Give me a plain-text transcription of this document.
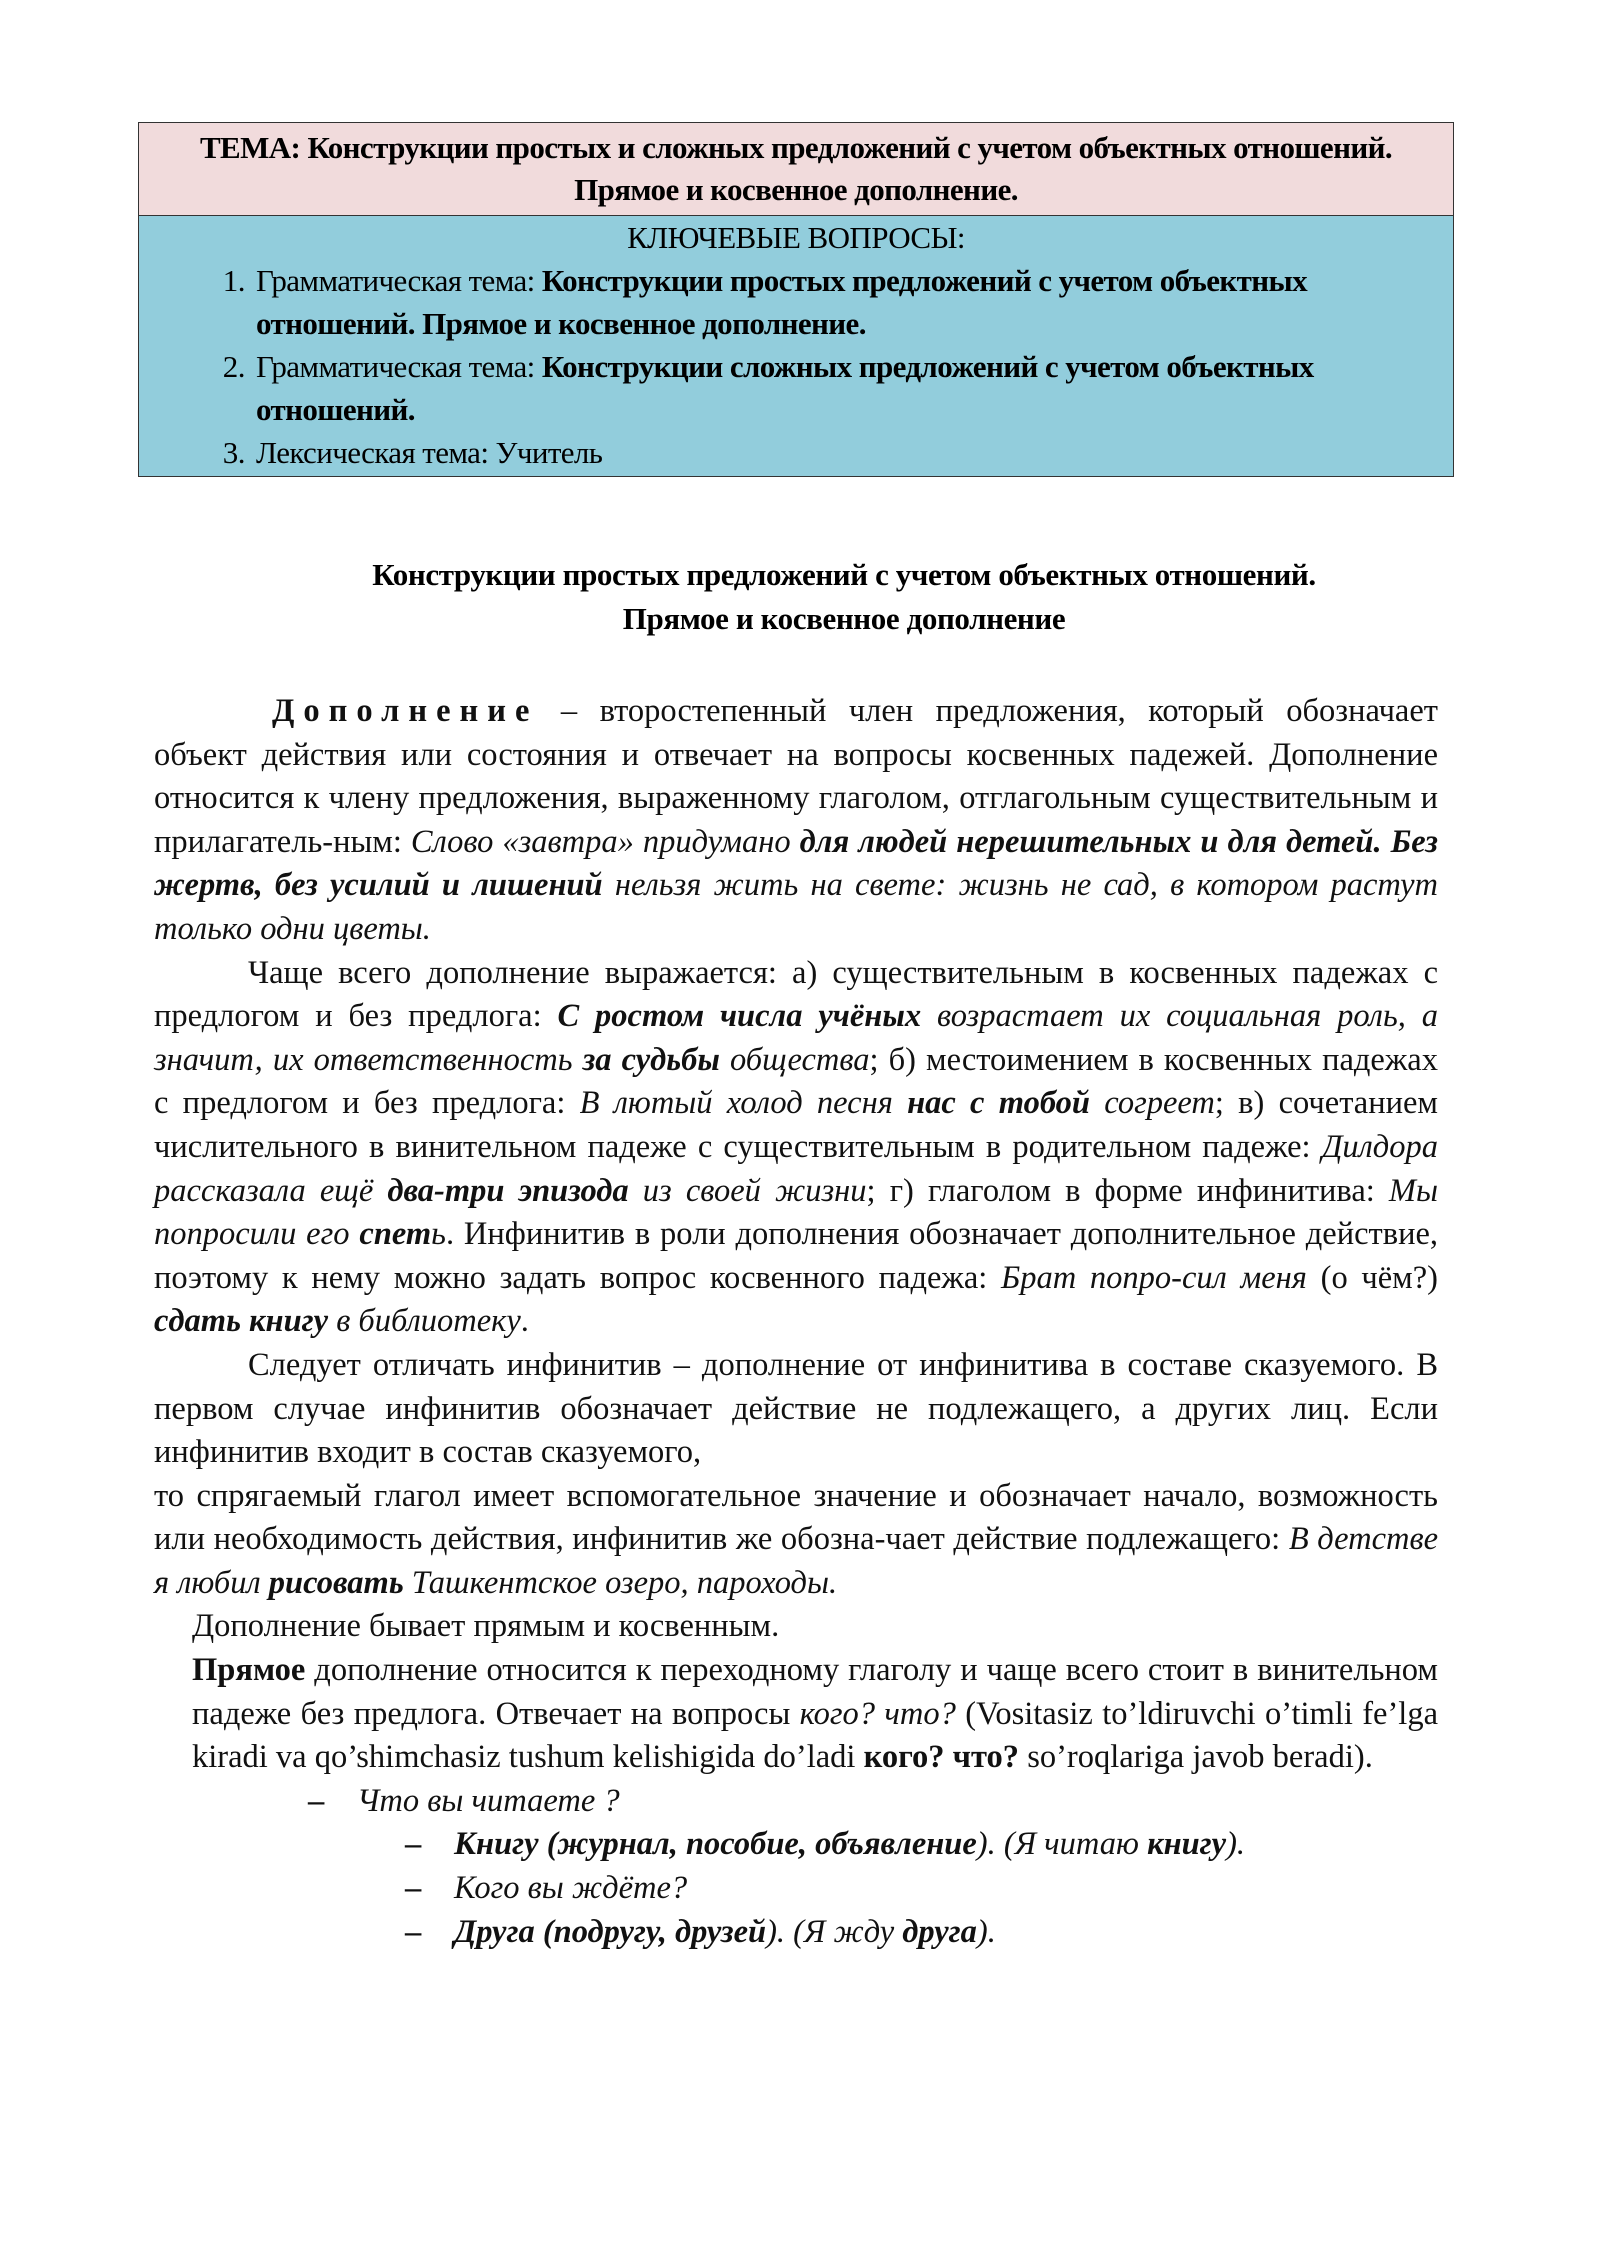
ТЕМА: Конструкции простых и сложных предложений с учетом объектных отношений. Прямое и косвенное дополнение.
КЛЮЧЕВЫЕ ВОПРОСЫ:
1. Грамматическая тема: Конструкции простых предложений с учетом объектных отношений. Прямое и косвенное дополнение.
2. Грамматическая тема: Конструкции сложных предложений с учетом объектных отношений.
3. Лексическая тема: Учитель
Конструкции простых предложений с учетом объектных отношений.
Прямое и косвенное дополнение

Дополнение – второстепенный член предложения, который обозначает объект действия или состояния и отвечает на вопросы косвенных падежей. Дополнение относится к члену предложения, выраженному глаголом, отглагольным существительным и прилагатель-ным: Слово «завтра» придумано для людей нерешительных и для детей. Без жертв, без усилий и лишений нельзя жить на свете: жизнь не сад, в котором растут только одни цветы.

Чаще всего дополнение выражается: а) существительным в косвенных падежах с предлогом и без предлога: С ростом числа учёных возрастает их социальная роль, а значит, их ответственность за судьбы общества; б) местоимением в косвенных падежах с предлогом и без предлога: В лютый холод песня нас с тобой согреет; в) сочетанием числительного в винительном падеже с существительным в родительном падеже: Дилдора рассказала ещё два-три эпизода из своей жизни; г) глаголом в форме инфинитива: Мы попросили его спеть. Инфинитив в роли дополнения обозначает дополнительное действие, поэтому к нему можно задать вопрос косвенного падежа: Брат попро-сил меня (о чём?) сдать книгу в библиотеку.

Следует отличать инфинитив – дополнение от инфинитива в составе сказуемого. В первом случае инфинитив обозначает действие не подлежащего, а других лиц. Если инфинитив входит в состав сказуемого,

то спрягаемый глагол имеет вспомогательное значение и обозначает начало, возможность или необходимость действия, инфинитив же обозна-чает действие подлежащего: В детстве я любил рисовать Ташкентское озеро, пароходы.

Дополнение бывает прямым и косвенным.

Прямое дополнение относится к переходному глаголу и чаще всего стоит в винительном падеже без предлога. Отвечает на вопросы кого? что? (Vositasiz to’ldiruvchi o’timli fe’lga kiradi va qo’shimchasiz tushum kelishigida do’ladi кого? что? so’roqlariga javob beradi).

– Что вы читаете ?
– Книгу (журнал, пособие, объявление). (Я читаю книгу).
– Кого вы ждёте?
– Друга (подругу, друзей). (Я жду друга).
